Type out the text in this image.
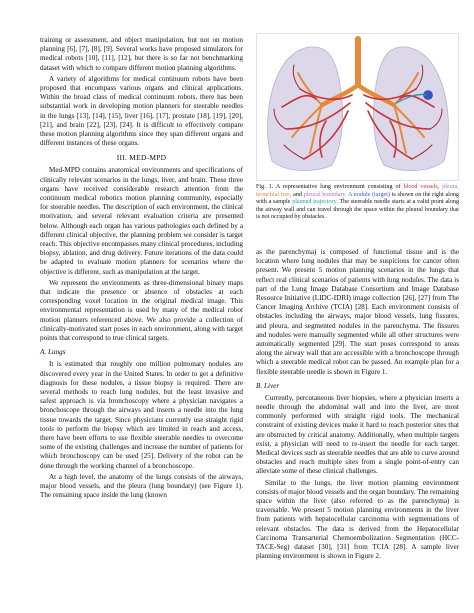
training or assessment, and object manipulation, but not on motion planning [6], [7], [8], [9]. Several works have proposed simulators for medical robots [10], [11], [12], but there is so far not benchmarking dataset with which to compare different motion planning algorithms.

A variety of algorithms for medical continuum robots have been proposed that encompass various organs and clinical applications. Within the broad class of medical continuum robots, there has been substantial work in developing motion planners for steerable needles in the lungs [13], [14], [15], liver [16], [17], prostate [18], [19], [20], [21], and brain [22], [23], [24]. It is difficult to effectively compare these motion planning algorithms since they span different organs and different instances of these organs.

III. MED-MPD

Med-MPD contains anatomical environments and specifications of clinically relevant scenarios in the lungs, liver, and brain. These three organs have received considerable research attention from the continuum medical robotics motion planning community, especially for steerable needles. The description of each environment, the clinical motivation, and several relevant evaluation criteria are presented below. Although each organ has various pathologies each defined by a different clinical objective, the planning problem we consider is target reach. This objective encompasses many clinical procedures, including biopsy, ablation, and drug delivery. Future iterations of the data could be adapted to evaluate motion planners for scenarios where the objective is different, such as manipulation at the target.

We represent the environments as three-dimensional binary maps that indicate the presence or absence of obstacles at each corresponding voxel location in the original medical image. This environmental representation is used by many of the medical robot motion planners referenced above. We also provide a collection of clinically-motivated start poses in each environment, along with target points that correspond to true clinical targets.

A. Lungs

It is estimated that roughly one million pulmonary nodules are discovered every year in the United States. In order to get a definitive diagnosis for these nodules, a tissue biopsy is required. There are several methods to reach lung nodules, but the least invasive and safest approach is via bronchoscopy where a physician navigates a bronchoscope through the airways and inserts a needle into the lung tissue towards the target. Since physicians currently use straight rigid tools to perform the biopsy which are limited in reach and access, there have been efforts to use flexible steerable needles to overcome some of the existing challenges and increase the number of patients for which bronchoscopy can be used [25]. Delivery of the robot can be done through the working channel of a bronchoscope.

At a high level, the anatomy of the lungs consists of the airways, major blood vessels, and the pleura (lung boundary) (see Figure 1). The remaining space inside the lung (known

Fig. 1. A representative lung environment consisting of blood vessels, pleura, bronchial tree, and pleural boundary. A nodule (target) is shown on the right along with a sample planned trajectory. The steerable needle starts at a valid point along the airway wall and can travel through the space within the pleural boundary that is not occupied by obstacles.

as the parenchyma) is composed of functional tissue and is the location where lung nodules that may be suspicious for cancer often present. We present 5 motion planning scenarios in the lungs that reflect real clinical scenarios of patients with lung nodules. The data is part of the Lung Image Database Consortium and Image Database Resource Initiative (LIDC-IDRI) image collection [26], [27] from The Cancer Imaging Archive (TCIA) [28]. Each environment consists of obstacles including the airways, major blood vessels, lung fissures, and pleura, and segmented nodules in the parenchyma. The fissures and nodules were manually segmented while all other structures were automatically segmented [29]. The start poses correspond to areas along the airway wall that are accessible with a bronchoscope through which a steerable medical robot can be passed. An example plan for a flexible steerable needle is shown in Figure 1.

B. Liver

Currently, percutaneous liver biopsies, where a physician inserts a needle through the abdominal wall and into the liver, are most commonly performed with straight rigid tools. The mechanical constraint of existing devices make it hard to reach posterior sites that are obstructed by critical anatomy. Additionally, when multiple targets exist, a physician will need to re-insert the needle for each target. Medical devices such as steerable needles that are able to curve around obstacles and reach multiple sites from a single point-of-entry can alleviate some of these clinical challenges.

Similar to the lungs, the liver motion planning environment consists of major blood vessels and the organ boundary. The remaining space within the liver (also referred to as the parenchyma) is traversable. We present 5 motion planning environments in the liver from patients with hepatocellular carcinoma with segmentations of relevant obstacles. The data is derived from the Hepatocellular Carcinoma Transarterial Chemoembolization Segmentation (HCC-TACE-Seg) dataset [30], [31] from TCIA [28]. A sample liver planning environment is shown in Figure 2.
